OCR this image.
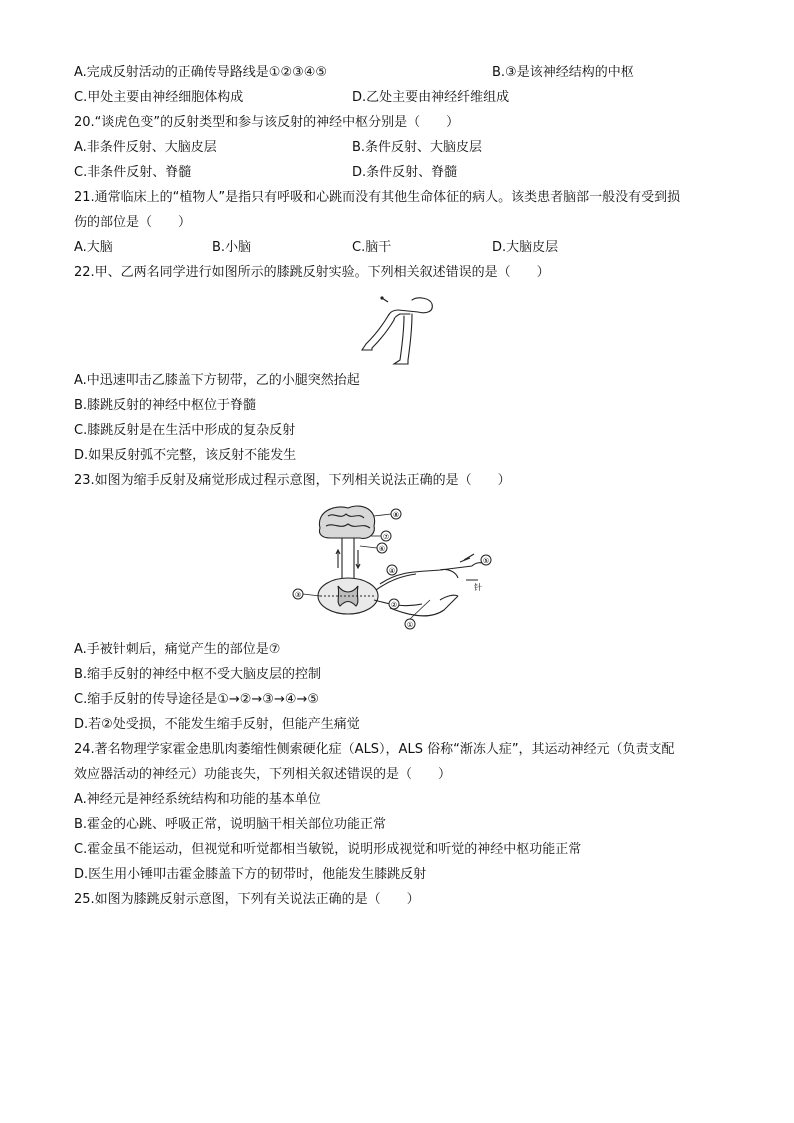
A.完成反射活动的正确传导路线是①②③④⑤	B.③是该神经结构的中枢
C.甲处主要由神经细胞体构成	D.乙处主要由神经纤维组成
20.“谈虎色变”的反射类型和参与该反射的神经中枢分别是（　　）
A.非条件反射、大脑皮层	B.条件反射、大脑皮层
C.非条件反射、脊髓	D.条件反射、脊髓
21.通常临床上的“植物人”是指只有呼吸和心跳而没有其他生命体征的病人。该类患者脑部一般没有受到损
伤的部位是（　　）
A.大脑	B.小脑	C.脑干	D.大脑皮层
22.甲、乙两名同学进行如图所示的膝跳反射实验。下列相关叙述错误的是（　　）
A.中迅速叩击乙膝盖下方韧带，乙的小腿突然抬起
B.膝跳反射的神经中枢位于脊髓
C.膝跳反射是在生活中形成的复杂反射
D.如果反射弧不完整，该反射不能发生
23.如图为缩手反射及痛觉形成过程示意图，下列相关说法正确的是（　　）
⑧
⑦
⑥
③
④
②
①
⑤
针
A.手被针刺后，痛觉产生的部位是⑦
B.缩手反射的神经中枢不受大脑皮层的控制
C.缩手反射的传导途径是①→②→③→④→⑤
D.若②处受损，不能发生缩手反射，但能产生痛觉
24.著名物理学家霍金患肌肉萎缩性侧索硬化症（ALS），ALS 俗称“渐冻人症”，其运动神经元（负责支配
效应器活动的神经元）功能丧失，下列相关叙述错误的是（　　）
A.神经元是神经系统结构和功能的基本单位
B.霍金的心跳、呼吸正常，说明脑干相关部位功能正常
C.霍金虽不能运动，但视觉和听觉都相当敏锐，说明形成视觉和听觉的神经中枢功能正常
D.医生用小锤叩击霍金膝盖下方的韧带时，他能发生膝跳反射
25.如图为膝跳反射示意图，下列有关说法正确的是（　　）
